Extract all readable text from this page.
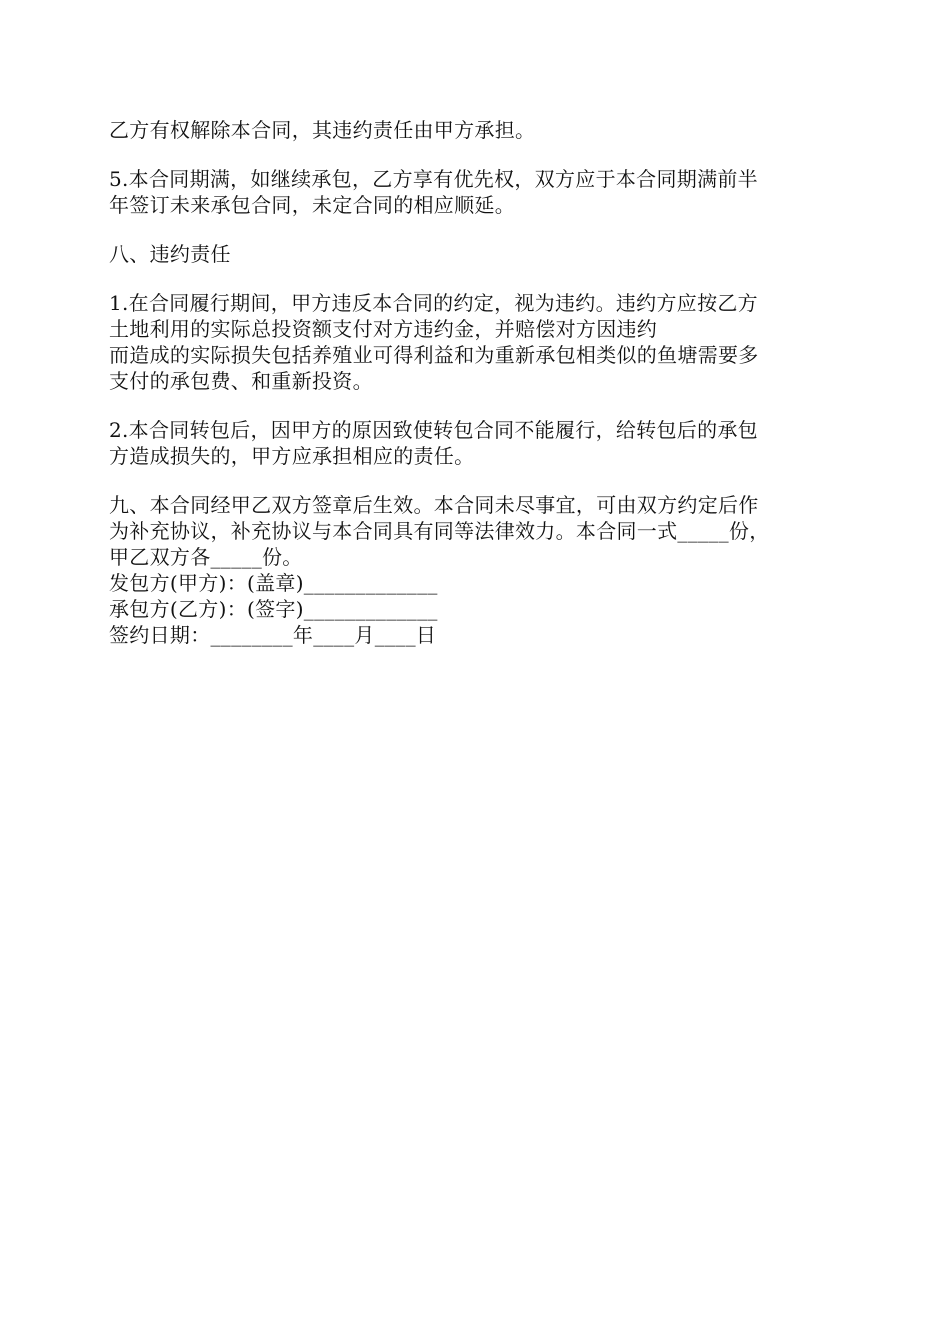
乙方有权解除本合同，其违约责任由甲方承担。

5.本合同期满，如继续承包，乙方享有优先权，双方应于本合同期满前半
年签订未来承包合同，未定合同的相应顺延。

八、违约责任

1.在合同履行期间，甲方违反本合同的约定，视为违约。违约方应按乙方
土地利用的实际总投资额支付对方违约金，并赔偿对方因违约
而造成的实际损失包括养殖业可得利益和为重新承包相类似的鱼塘需要多
支付的承包费、和重新投资。

2.本合同转包后，因甲方的原因致使转包合同不能履行，给转包后的承包
方造成损失的，甲方应承担相应的责任。

九、本合同经甲乙双方签章后生效。本合同未尽事宜，可由双方约定后作
为补充协议，补充协议与本合同具有同等法律效力。本合同一式_____份，
甲乙双方各_____份。

发包方(甲方)：(盖章)_____________

承包方(乙方)：(签字)_____________

签约日期：________年____月____日
